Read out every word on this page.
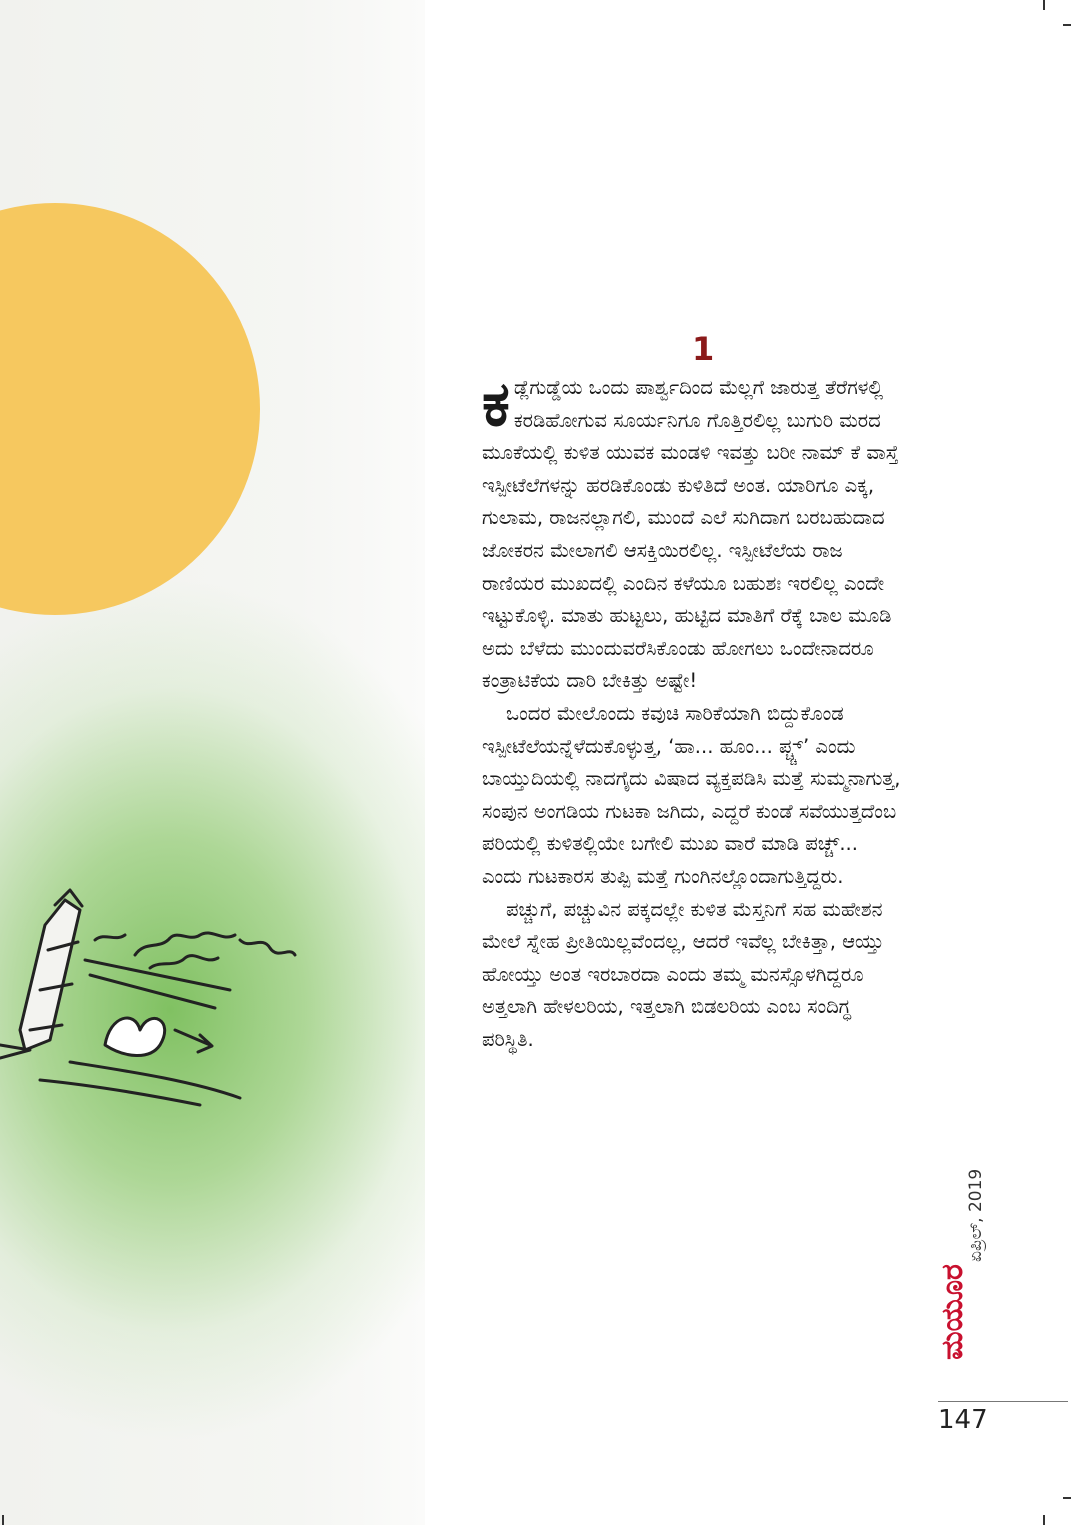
1

ಕಡ್ಲೆಗುಡ್ಡೆಯ ಒಂದು ಪಾರ್ಶ್ವದಿಂದ ಮೆಲ್ಲಗೆ ಜಾರುತ್ತ ತೆರೆಗಳಲ್ಲಿ ಕರಡಿಹೋಗುವ ಸೂರ್ಯನಿಗೂ ಗೊತ್ತಿರಲಿಲ್ಲ ಬುಗುರಿ ಮರದ ಮೂಕೆಯಲ್ಲಿ ಕುಳಿತ ಯುವಕ ಮಂಡಳಿ ಇವತ್ತು ಬರೀ ನಾಮ್ ಕೆ ವಾಸ್ತೆ ಇಸ್ಪೀಟೆಲೆಗಳನ್ನು ಹರಡಿಕೊಂಡು ಕುಳಿತಿದೆ ಅಂತ. ಯಾರಿಗೂ ಎಕ್ಕ, ಗುಲಾಮ, ರಾಜನಲ್ಲಾಗಲಿ, ಮುಂದೆ ಎಲೆ ಸುಗಿದಾಗ ಬರಬಹುದಾದ ಜೋಕರನ ಮೇಲಾಗಲಿ ಆಸಕ್ತಿಯಿರಲಿಲ್ಲ. ಇಸ್ಪೀಟೆಲೆಯ ರಾಜ ರಾಣಿಯರ ಮುಖದಲ್ಲಿ ಎಂದಿನ ಕಳೆಯೂ ಬಹುಶಃ ಇರಲಿಲ್ಲ ಎಂದೇ ಇಟ್ಟುಕೊಳ್ಳಿ. ಮಾತು ಹುಟ್ಟಲು, ಹುಟ್ಟಿದ ಮಾತಿಗೆ ರೆಕ್ಕೆ ಬಾಲ ಮೂಡಿ ಅದು ಬೆಳೆದು ಮುಂದುವರೆಸಿಕೊಂಡು ಹೋಗಲು ಒಂದೇನಾದರೂ ಕಂತ್ರಾಟಿಕೆಯ ದಾರಿ ಬೇಕಿತ್ತು ಅಷ್ಟೇ!

ಒಂದರ ಮೇಲೊಂದು ಕವುಚಿ ಸಾರಿಕೆಯಾಗಿ ಬಿದ್ದುಕೊಂಡ ಇಸ್ಪೀಟೆಲೆಯನ್ನೆಳೆದುಕೊಳ್ಳುತ್ತ, ‘ಹಾ... ಹೂಂ... ಪ್ಚ್ಚ್’ ಎಂದು ಬಾಯ್ತುದಿಯಲ್ಲಿ ನಾದಗೈದು ವಿಷಾದ ವ್ಯಕ್ತಪಡಿಸಿ ಮತ್ತೆ ಸುಮ್ಮನಾಗುತ್ತ, ಸಂಪುನ ಅಂಗಡಿಯ ಗುಟಕಾ ಜಗಿದು, ಎದ್ದರೆ ಕುಂಡೆ ಸವೆಯುತ್ತದೆಂಬ ಪರಿಯಲ್ಲಿ ಕುಳಿತಲ್ಲಿಯೇ ಬಗೇಲಿ ಮುಖ ವಾರೆ ಮಾಡಿ ಪಚ್ಚ್... ಎಂದು ಗುಟಕಾರಸ ತುಪ್ಪಿ ಮತ್ತೆ ಗುಂಗಿನಲ್ಲೊಂದಾಗುತ್ತಿದ್ದರು.

ಪಚ್ಚುಗೆ, ಪಚ್ಚುವಿನ ಪಕ್ಕದಲ್ಲೇ ಕುಳಿತ ಮೆಸ್ತನಿಗೆ ಸಹ ಮಹೇಶನ ಮೇಲೆ ಸ್ನೇಹ ಪ್ರೀತಿಯಿಲ್ಲವೆಂದಲ್ಲ, ಆದರೆ ಇವೆಲ್ಲ ಬೇಕಿತ್ತಾ, ಆಯ್ತು ಹೋಯ್ತು ಅಂತ ಇರಬಾರದಾ ಎಂದು ತಮ್ಮ ಮನಸ್ಸೊಳಗಿದ್ದರೂ ಅತ್ತಲಾಗಿ ಹೇಳಲರಿಯ, ಇತ್ತಲಾಗಿ ಬಿಡಲರಿಯ ಎಂಬ ಸಂದಿಗ್ಧ ಪರಿಸ್ಥಿತಿ.

ಏಪ್ರಿಲ್, 2019
ಮಯೂರ
147
